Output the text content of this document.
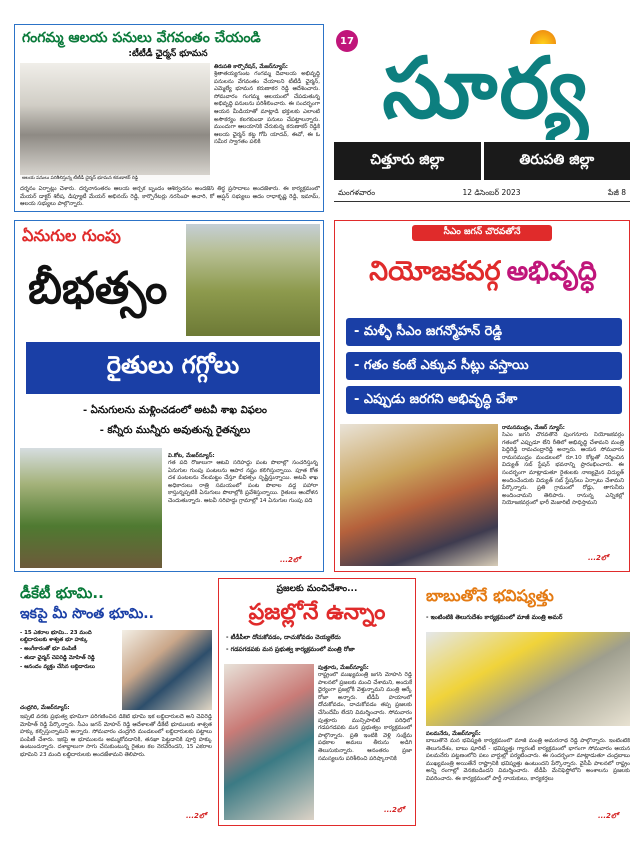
గంగమ్మ ఆలయ పనులు వేగవంతం చేయండి
:టీటీడీ ఛైర్మన్ భూమన
ఆలయ పనులు పరిశీలిస్తున్న టీటీడీ ఛైర్మన్ భూమన కరుణాకర్ రెడ్డి
తిరుపతి కార్పొరేషన్, మేజర్‌న్యూస్:
శ్రీతాతయ్యగుంట గంగమ్మ దేవాలయ అభివృద్ధి పనులను వేగవంతం చేయాలని టీటీడీ ఛైర్మన్, ఎమ్మెల్యే భూమన కరుణాకర రెడ్డి ఆదేశించారు. సోమవారం గంగమ్మ ఆలయంలో చేపడుతున్న అభివృద్ధి పనులను పరిశీలించారు. ఈ సందర్భంగా ఆయన మీడియాతో మాట్లాడి భక్తులకు ఎలాంటి అసౌకర్యం కలగకుండా పనులు చేపట్టాలన్నారు. ముందుగా ఆలయానికి చేరుకున్న కరుణాకర్ రెడ్డికి ఆలయ ఛైర్మన్ కట్ట గోపి యాదవ్, ఈవో, ఈ ఓ సమీర స్వాగతం పలికి
దర్శనం ఏర్పాట్లు చేశారు. దర్శనానంతరం ఆలయ అర్చక బృందం ఆశీర్వచనం అందజేసి తీర్థ ప్రసాదాలు అందజేశారు. ఈ కార్యక్రమంలో మేయర్ డాక్టర్ శిరీష, డిప్యూటీ మేయర్ అభినయ్ రెడ్డి, కార్పొరేటర్లు నరసింహ ఆచారి, కో ఆప్షన్ సభ్యులు ఆదం రాధాకృష్ణ రెడ్డి, ఇమామ్, ఆలయ సభ్యులు పాల్గొన్నారు.
17 సూర్య
చిత్తూరు జిల్లా	తిరుపతి జిల్లా
మంగళవారం	12 డిసెంబర్ 2023	పేజీ 8
ఏనుగుల గుంపు
బీభత్సం
రైతులు గగ్గోలు
- ఏనుగులను మళ్లించడంలో అటవీ శాఖ విఫలం
- కన్నీరు మున్నీరు అవుతున్న రైతన్నలు
వి.కోట, మేజర్‌న్యూస్:
గత పది రోజులుగా ఆటవీ సరిహద్దు పంట పొలాల్లో సంచరిస్తున్న ఏనుగుల గుంపు పంటలను ఆపార నష్టం కలిగిస్తున్నాయి. పూత కోత దశ పంటలను నేలమట్టం చేస్తూ బీభత్సం సృష్టిస్తున్నాయి. అటవీ శాఖ అధికారులు రాత్రి సమయంలో పంట పొలాల వద్ద పహారా కాస్తున్నప్పటికీ ఏనుగులు పొలాల్లోకి ప్రవేశిస్తున్నాయి. రైతులు ఆందోళన చెందుతున్నారు. ఆటవీ సరిహద్దు గ్రామాల్లో 14 ఏనుగుల గుంపు పది
...2లో
సీఎం జగన్ చొరవతోనే
నియోజకవర్గ అభివృద్ధి
- మళ్ళీ సీఎం జగన్మోహన్ రెడ్డి
- గతం కంటే ఎక్కువ సీట్లు వస్తాయి
- ఎప్పుడు జరగని అభివృద్ధి చేశా
రామసముద్రం, మేజర్ న్యూస్:
సీఎం జగన్ చొరవతోనే పుంగనూరు నియోజకవర్గం గతంలో ఎప్పుడూ లేని రీతిలో అభివృద్ధి చేశామని మంత్రి పెద్దిరెడ్డి రామచంద్రారెడ్డి అన్నారు. ఆయన సోమవారం రామసముద్రం మండలంలో రూ.10 కోట్లతో నిర్మించిన విద్యుత్ సబ్ స్టేషన్ భవనాన్ని ప్రారంభించారు. ఈ సందర్భంగా మాట్లాడుతూ రైతులకు నాణ్యమైన విద్యుత్ అందించేందుకు విద్యుత్ సబ్ స్టేషన్‌లు ఏర్పాటు చేశామని పేర్కొన్నారు. ప్రతి గ్రామంలో రోడ్లు, తాగునీరు అందించామని తెలిపారు. రానున్న ఎన్నికల్లో నియోజకవర్గంలో భారీ మెజారిటీ సాధిస్తామని
...2లో
డీకేటీ భూమి..
ఇకపై మీ సొంత భూమి..
- 15 ఎకరాల భూమి.. 23 మంది లబ్దిదారులకు శాశ్వత భూ హక్కు
- అంగీకారంతో భూ పంపిణీ
- తుడా ఛైర్మన్ చెవిరెడ్డి మోహిత్ రెడ్డి
- ఆనందం వ్యక్తం చేసిన లబ్దిదారులు
చంద్రగిరి, మేజర్‌న్యూస్:
ఇప్పటి వరకు ప్రభుత్వ భూమిగా పరిగణించిన డీకేటీ భూమి ఇక లబ్దిదారులదే అని చెవిరెడ్డి మోహిత్ రెడ్డి పేర్కొన్నారు. సీఎం జగన్ మోహన్ రెడ్డి ఆదేశాలతో డీకేటీ భూములకు శాశ్వత హక్కు కల్పిస్తున్నామని అన్నారు. సోమవారం చంద్రగిరి మండలంలో లబ్దిదారులకు పట్టాలు పంపిణీ చేశారు. ఇకపై ఆ భూములను అమ్ముకోవడానికి, తనఖా పెట్టడానికి పూర్తి హక్కు ఉంటుందన్నారు. దశాబ్దాలుగా సాగు చేసుకుంటున్న రైతుల కల నెరవేరిందని, 15 ఎకరాల భూమిని 23 మంది లబ్దిదారులకు అందజేశామని తెలిపారు.
...2లో
ప్రజలకు మంచిచేశాం...
ప్రజల్లోనే ఉన్నాం
- టీడీపీలా దోచుకోవడం, దాచుకోవడం చెయ్యలేదు
- గడపగడపకు మన ప్రభుత్వ కార్యక్రమంలో మంత్రి రోజా
పుత్తూరు, మేజర్‌న్యూస్:
రాష్ట్రంలో ముఖ్యమంత్రి జగన్ మోహన్ రెడ్డి పాలనలో ప్రజలకు మంచి చేశామని, అందుకే ధైర్యంగా ప్రజల్లోకి వెళ్తున్నామని మంత్రి ఆర్కే రోజా అన్నారు. టీడీపీ హయాంలో దోచుకోవడం, దాచుకోవడం తప్ప ప్రజలకు చేసిందేమీ లేదని విమర్శించారు. సోమవారం పుత్తూరు మున్సిపాలిటీ పరిధిలో గడపగడపకు మన ప్రభుత్వం కార్యక్రమంలో పాల్గొన్నారు. ప్రతి ఇంటికి వెళ్లి సంక్షేమ పథకాల అమలు తీరును అడిగి తెలుసుకున్నారు. ఆనంతరం ప్రజా సమస్యలను పరిశీలించి పరిష్కారానికి
...2లో
బాబుతోనే భవిష్యత్తు
- ఇంటింటికి తెలుగుదేశం కార్యక్రమంలో మాజీ మంత్రి అమర్
పలమనేరు, మేజర్‌న్యూస్:
బాబుతోనే మన భవిష్యత్ కార్యక్రమంలో మాజీ మంత్రి అమరనాథ రెడ్డి పాల్గొన్నారు. ఇంటింటికి తెలుగుదేశం, బాబు షూరిటీ - భవిష్యత్తు గ్యారంటీ కార్యక్రమంలో భాగంగా సోమవారం ఆయన పలమనేరు పట్టణంలోని పలు వార్డుల్లో పర్యటించారు. ఈ సందర్భంగా మాట్లాడుతూ చంద్రబాబు ముఖ్యమంత్రి అయితేనే రాష్ట్రానికి భవిష్యత్తు ఉంటుందని పేర్కొన్నారు. వైసీపీ పాలనలో రాష్ట్రం అన్ని రంగాల్లో వెనకబడిందని విమర్శించారు. టీడీపీ మేనిఫెస్టోలోని అంశాలను ప్రజలకు వివరించారు. ఈ కార్యక్రమంలో పార్టీ నాయకులు, కార్యకర్తలు
...2లో
